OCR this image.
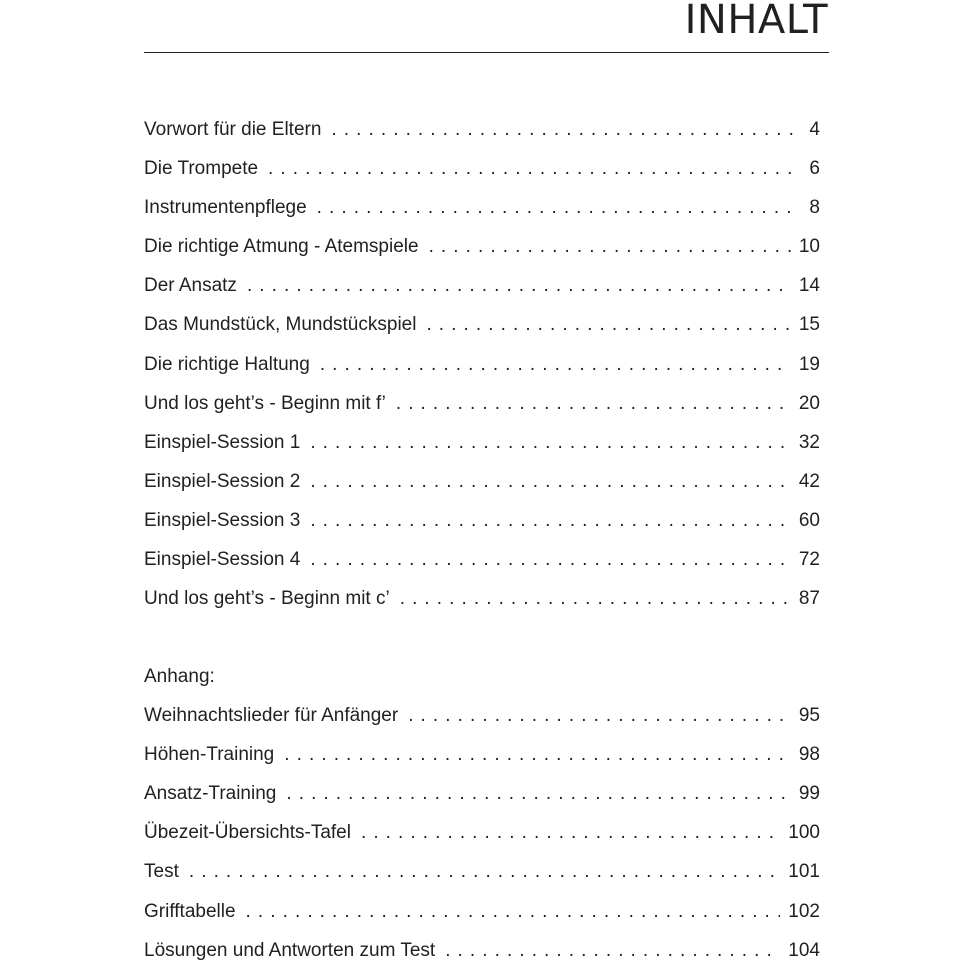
INHALT
Vorwort für die Eltern . . .	4
Die Trompete . . .	6
Instrumentenpflege . . .	8
Die richtige Atmung - Atemspiele . . .	10
Der Ansatz . . .	14
Das Mundstück, Mundstückspiel . . .	15
Die richtige Haltung . . .	19
Und los geht’s - Beginn mit f’ . . .	20
Einspiel-Session 1 . . .	32
Einspiel-Session 2 . . .	42
Einspiel-Session 3 . . .	60
Einspiel-Session 4 . . .	72
Und los geht’s - Beginn mit c’ . . .	87
Anhang:
Weihnachtslieder für Anfänger . . .	95
Höhen-Training . . .	98
Ansatz-Training . . .	99
Übezeit-Übersichts-Tafel . . .	100
Test . . .	101
Grifftabelle . . .	102
Lösungen und Antworten zum Test . . .	104
